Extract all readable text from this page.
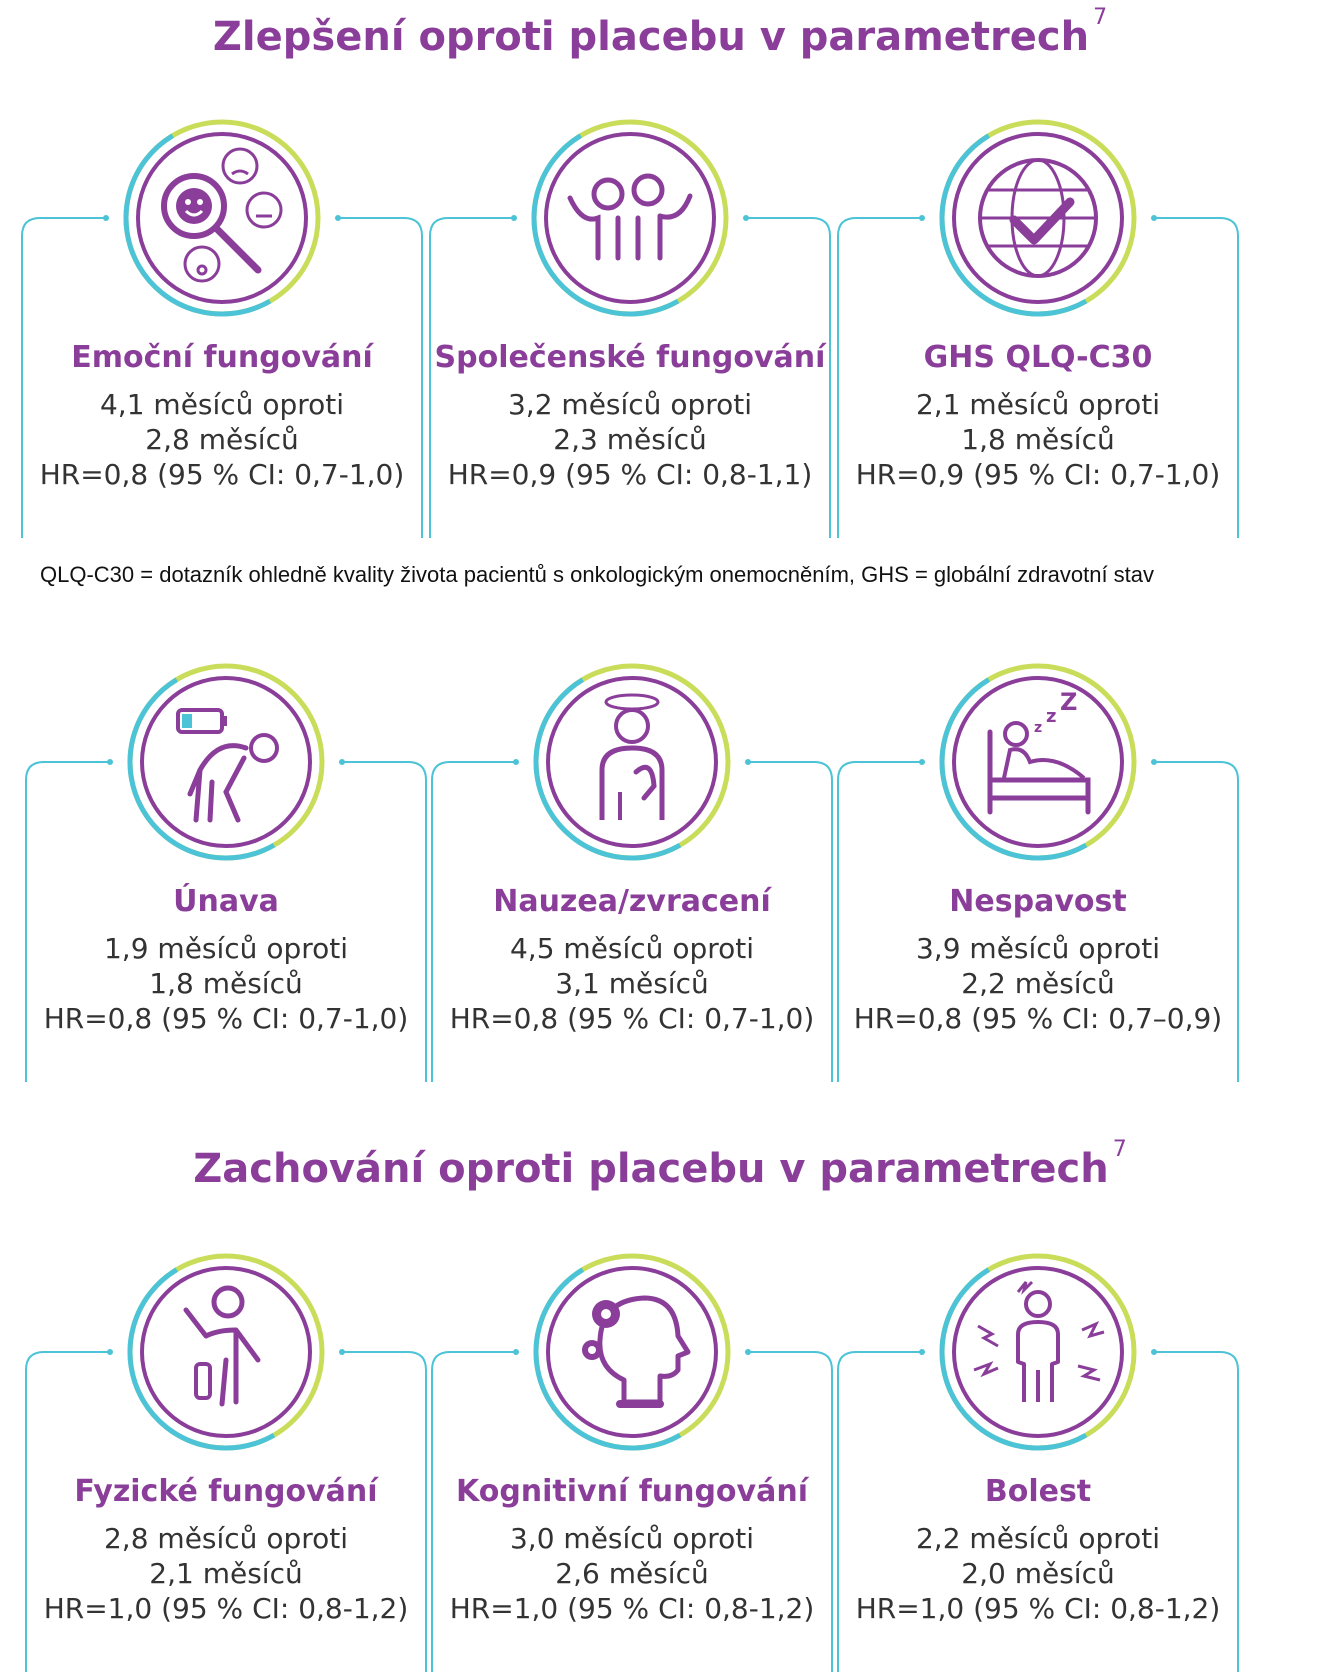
Zlepšení oproti placebu v parametrech $^7$
Emoční fungování
4,1 měsíců oproti
2,8 měsíců
HR=0,8 (95 % CI: 0,7-1,0)
Společenské fungování
3,2 měsíců oproti
2,3 měsíců
HR=0,9 (95 % CI: 0,8-1,1)
GHS QLQ-C30
2,1 měsíců oproti
1,8 měsíců
HR=0,9 (95 % CI: 0,7-1,0)
QLQ-C30 = dotazník ohledně kvality života pacientů s onkologickým onemocněním, GHS = globální zdravotní stav
Únava
1,9 měsíců oproti
1,8 měsíců
HR=0,8 (95 % CI: 0,7-1,0)
Nauzea/zvracení
4,5 měsíců oproti
3,1 měsíců
HR=0,8 (95 % CI: 0,7-1,0)
z
z
Z
Nespavost
3,9 měsíců oproti
2,2 měsíců
HR=0,8 (95 % CI: 0,7–0,9)
Zachování oproti placebu v parametrech $^7$
Fyzické fungování
2,8 měsíců oproti
2,1 měsíců
HR=1,0 (95 % CI: 0,8-1,2)
Kognitivní fungování
3,0 měsíců oproti
2,6 měsíců
HR=1,0 (95 % CI: 0,8-1,2)
Bolest
2,2 měsíců oproti
2,0 měsíců
HR=1,0 (95 % CI: 0,8-1,2)
